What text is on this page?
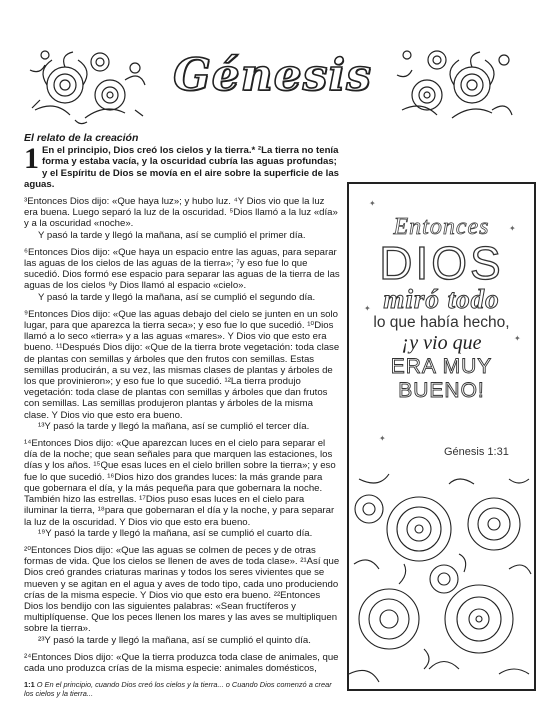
Génesis
El relato de la creación

1 En el principio, Dios creó los cielos y la tierra.* ²La tierra no tenía forma y estaba vacía, y la oscuridad cubría las aguas profundas; y el Espíritu de Dios se movía en el aire sobre la superficie de las aguas.

³Entonces Dios dijo: «Que haya luz»; y hubo luz. ⁴Y Dios vio que la luz era buena. Luego separó la luz de la oscuridad. ⁵Dios llamó a la luz «día» y a la oscuridad «noche».
Y pasó la tarde y llegó la mañana, así se cumplió el primer día.

⁶Entonces Dios dijo: «Que haya un espacio entre las aguas, para separar las aguas de los cielos de las aguas de la tierra»; ⁷y eso fue lo que sucedió. Dios formó ese espacio para separar las aguas de la tierra de las aguas de los cielos ⁸y Dios llamó al espacio «cielo».
Y pasó la tarde y llegó la mañana, así se cumplió el segundo día.

⁹Entonces Dios dijo: «Que las aguas debajo del cielo se junten en un solo lugar, para que aparezca la tierra seca»; y eso fue lo que sucedió. ¹⁰Dios llamó a lo seco «tierra» y a las aguas «mares». Y Dios vio que esto era bueno. ¹¹Después Dios dijo: «Que de la tierra brote vegetación: toda clase de plantas con semillas y árboles que den frutos con semillas. Estas semillas producirán, a su vez, las mismas clases de plantas y árboles de los que provinieron»; y eso fue lo que sucedió. ¹²La tierra produjo vegetación: toda clase de plantas con semillas y árboles que dan frutos con semillas. Las semillas produjeron plantas y árboles de la misma clase. Y Dios vio que esto era bueno.
¹³Y pasó la tarde y llegó la mañana, así se cumplió el tercer día.

¹⁴Entonces Dios dijo: «Que aparezcan luces en el cielo para separar el día de la noche; que sean señales para que marquen las estaciones, los días y los años. ¹⁵Que esas luces en el cielo brillen sobre la tierra»; y eso fue lo que sucedió. ¹⁶Dios hizo dos grandes luces: la más grande para que gobernara el día, y la más pequeña para que gobernara la noche. También hizo las estrellas. ¹⁷Dios puso esas luces en el cielo para iluminar la tierra, ¹⁸para que gobernaran el día y la noche, y para separar la luz de la oscuridad. Y Dios vio que esto era bueno.
¹⁹Y pasó la tarde y llegó la mañana, así se cumplió el cuarto día.

²⁰Entonces Dios dijo: «Que las aguas se colmen de peces y de otras formas de vida. Que los cielos se llenen de aves de toda clase». ²¹Así que Dios creó grandes criaturas marinas y todos los seres vivientes que se mueven y se agitan en el agua y aves de todo tipo, cada uno produciendo crías de la misma especie. Y Dios vio que esto era bueno. ²²Entonces Dios los bendijo con las siguientes palabras: «Sean fructíferos y multiplíquense. Que los peces llenen los mares y las aves se multipliquen sobre la tierra».
²³Y pasó la tarde y llegó la mañana, así se cumplió el quinto día.

²⁴Entonces Dios dijo: «Que la tierra produzca toda clase de animales, que cada uno produzca crías de la misma especie: animales domésticos,

1:1 O En el principio, cuando Dios creó los cielos y la tierra... o Cuando Dios comenzó a crear los cielos y la tierra...
✦
✦
✦
✦
✦
Entonces
DIOS
miró todo
lo que había hecho,
¡y vio que
ERA MUY BUENO!
Génesis 1:31
